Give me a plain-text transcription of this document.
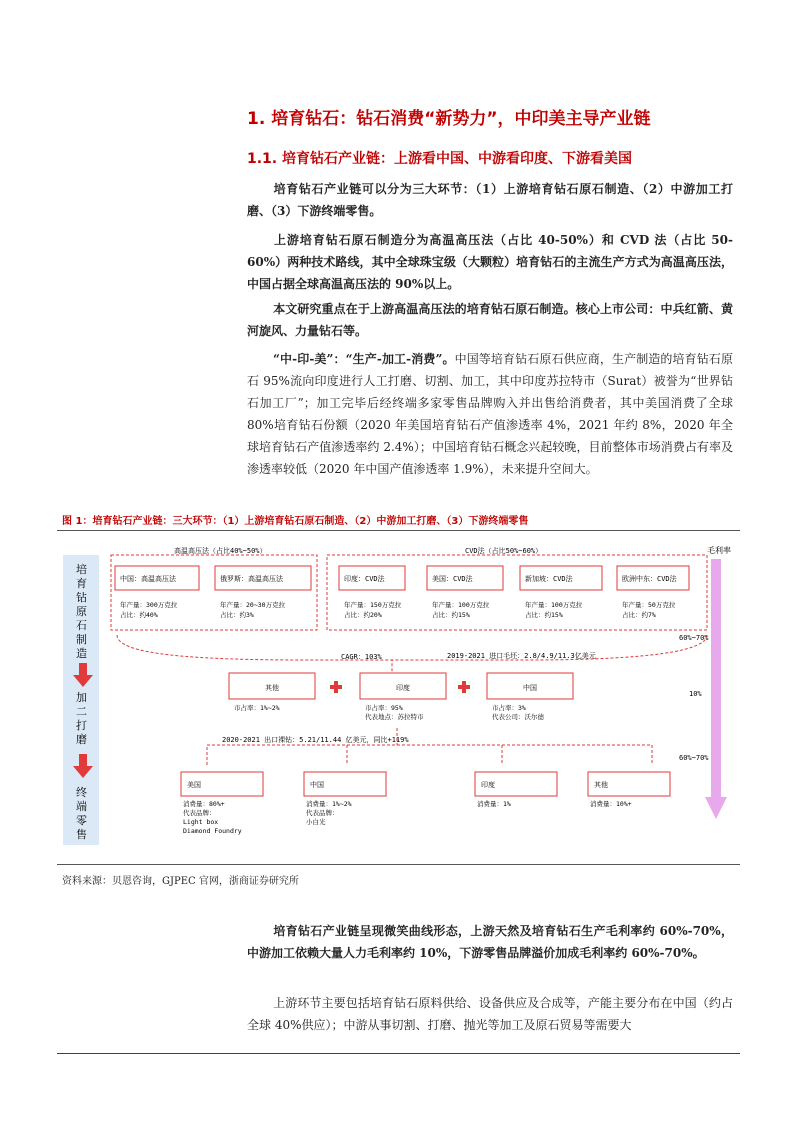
1. 培育钻石：钻石消费“新势力”，中印美主导产业链
1.1. 培育钻石产业链：上游看中国、中游看印度、下游看美国
培育钻石产业链可以分为三大环节：（1）上游培育钻石原石制造、（2）中游加工打磨、（3）下游终端零售。
上游培育钻石原石制造分为高温高压法（占比 40-50%）和 CVD 法（占比 50-60%）两种技术路线，其中全球珠宝级（大颗粒）培育钻石的主流生产方式为高温高压法，中国占据全球高温高压法的 90%以上。
本文研究重点在于上游高温高压法的培育钻石原石制造。核心上市公司：中兵红箭、黄河旋风、力量钻石等。
“中-印-美”：“生产-加工-消费”。中国等培育钻石原石供应商，生产制造的培育钻石原石 95%流向印度进行人工打磨、切割、加工，其中印度苏拉特市（Surat）被誉为“世界钻石加工厂”；加工完毕后经终端多家零售品牌购入并出售给消费者，其中美国消费了全球 80%培育钻石份额（2020 年美国培育钻石产值渗透率 4%，2021 年约 8%，2020 年全球培育钻石产值渗透率约 2.4%）；中国培育钻石概念兴起较晚，目前整体市场消费占有率及渗透率较低（2020 年中国产值渗透率 1.9%），未来提升空间大。
图 1：培育钻石产业链：三大环节：（1）上游培育钻石原石制造、（2）中游加工打磨、（3）下游终端零售
培
育
钻
原
石
制
造
加
二
打
磨
终
端
零
售
毛利率
60%~70%
10%
60%~70%
高温高压法（占比40%~50%）	CVD法（占比50%~60%）
中国：高温高压法
年产量：300万克拉
占比：约40%
俄罗斯：高温高压法
年产量：20~30万克拉
占比：约3%
印度：CVD法
年产量：150万克拉
占比：约20%
美国：CVD法
年产量：100万克拉
占比：约15%
新加坡：CVD法
年产量：100万克拉
占比：约15%
欧洲中东：CVD法
年产量：50万克拉
占比：约7%
CAGR：103%	2019-2021 进口毛坯：2.8/4.9/11.3亿美元
其他
市占率：1%~2%
印度
市占率：95%
代表地点：苏拉特市
中国
市占率：3%
代表公司：沃尔德
2020-2021 出口裸钻：5.21/11.44 亿美元，同比+119%
美国
消费量：80%+
代表品牌：
Light box
Diamond Foundry
中国
消费量：1%~2%
代表品牌：
小白光
印度
消费量：1%
其他
消费量：10%+
资料来源：贝恩咨询，GJPEC 官网，浙商证券研究所
培育钻石产业链呈现微笑曲线形态，上游天然及培育钻石生产毛利率约 60%-70%，中游加工依赖大量人力毛利率约 10%，下游零售品牌溢价加成毛利率约 60%-70%。
上游环节主要包括培育钻石原料供给、设备供应及合成等，产能主要分布在中国（约占全球 40%供应）；中游从事切割、打磨、抛光等加工及原石贸易等需要大
